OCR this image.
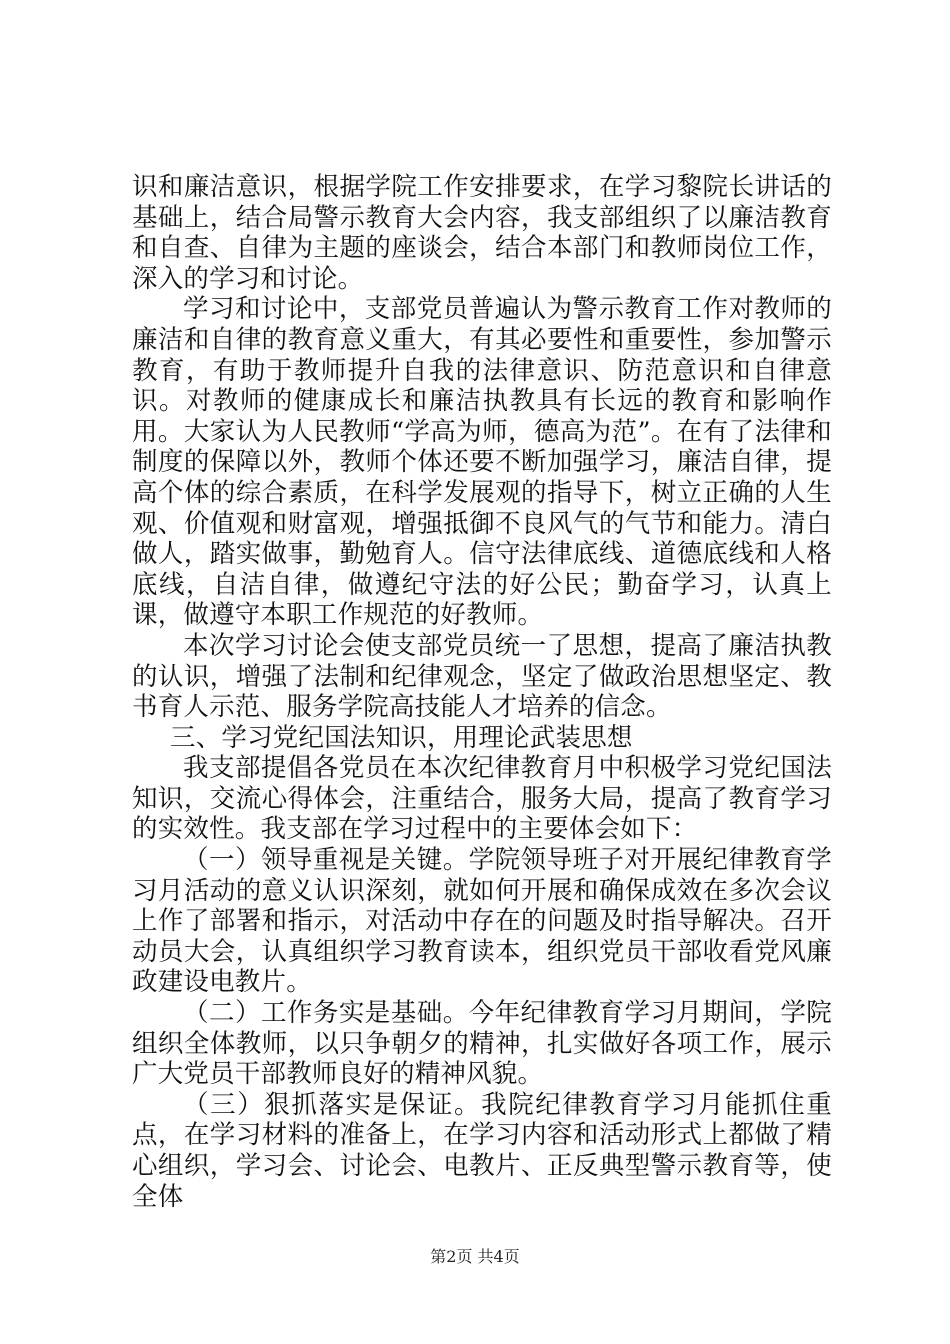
识和廉洁意识，根据学院工作安排要求，在学习黎院长讲话的基础上，结合局警示教育大会内容，我支部组织了以廉洁教育和自查、自律为主题的座谈会，结合本部门和教师岗位工作，深入的学习和讨论。

学习和讨论中，支部党员普遍认为警示教育工作对教师的廉洁和自律的教育意义重大，有其必要性和重要性，参加警示教育，有助于教师提升自我的法律意识、防范意识和自律意识。对教师的健康成长和廉洁执教具有长远的教育和影响作用。大家认为人民教师“学高为师，德高为范”。在有了法律和制度的保障以外，教师个体还要不断加强学习，廉洁自律，提高个体的综合素质，在科学发展观的指导下，树立正确的人生观、价值观和财富观，增强抵御不良风气的气节和能力。清白做人，踏实做事，勤勉育人。信守法律底线、道德底线和人格底线，自洁自律，做遵纪守法的好公民；勤奋学习，认真上课，做遵守本职工作规范的好教师。

本次学习讨论会使支部党员统一了思想，提高了廉洁执教的认识，增强了法制和纪律观念，坚定了做政治思想坚定、教书育人示范、服务学院高技能人才培养的信念。

三、学习党纪国法知识，用理论武装思想

我支部提倡各党员在本次纪律教育月中积极学习党纪国法知识，交流心得体会，注重结合，服务大局，提高了教育学习的实效性。我支部在学习过程中的主要体会如下：

（一）领导重视是关键。学院领导班子对开展纪律教育学习月活动的意义认识深刻，就如何开展和确保成效在多次会议上作了部署和指示，对活动中存在的问题及时指导解决。召开动员大会，认真组织学习教育读本，组织党员干部收看党风廉政建设电教片。

（二）工作务实是基础。今年纪律教育学习月期间，学院组织全体教师，以只争朝夕的精神，扎实做好各项工作，展示广大党员干部教师良好的精神风貌。

（三）狠抓落实是保证。我院纪律教育学习月能抓住重点，在学习材料的准备上，在学习内容和活动形式上都做了精心组织，学习会、讨论会、电教片、正反典型警示教育等，使全体

第2页 共4页
